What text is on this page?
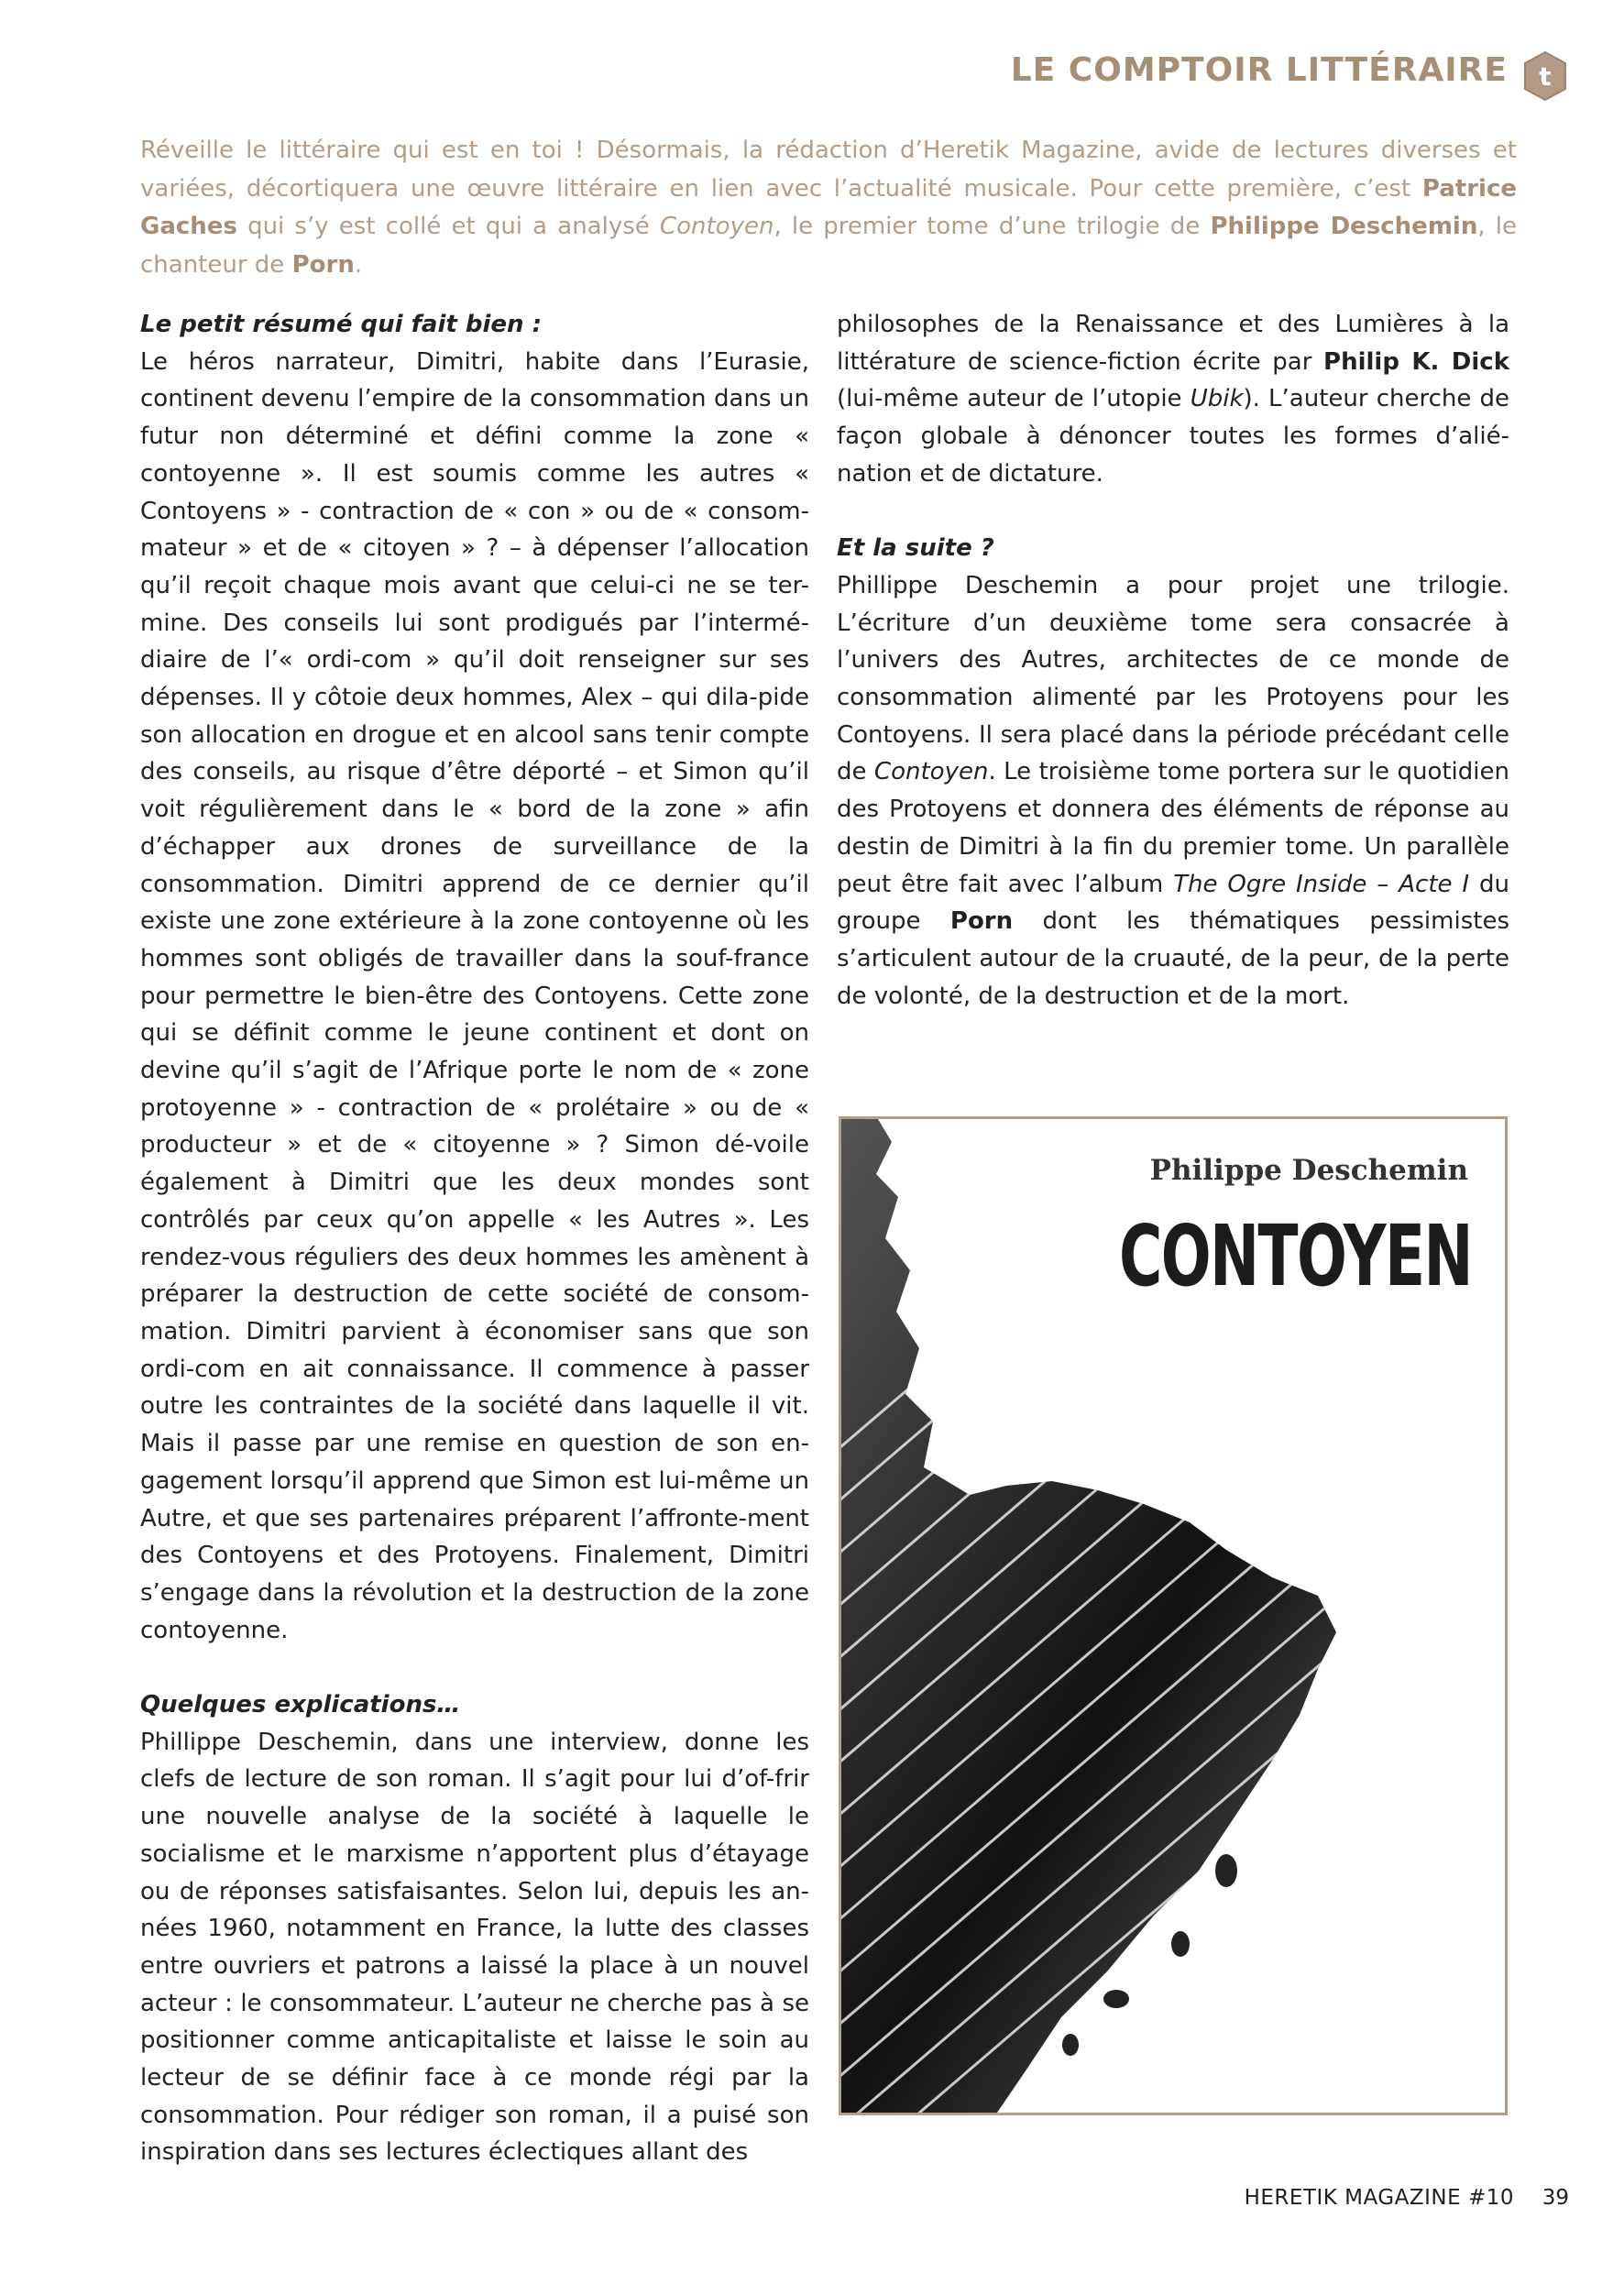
LE COMPTOIR LITTÉRAIRE t
Réveille le littéraire qui est en toi ! Désormais, la rédaction d’Heretik Magazine, avide de lectures diverses et variées, décortiquera une œuvre littéraire en lien avec l’actualité musicale. Pour cette première, c’est Patrice Gaches qui s’y est collé et qui a analysé Contoyen, le premier tome d’une trilogie de Philippe Deschemin, le chanteur de Porn.

Le petit résumé qui fait bien :

Le héros narrateur, Dimitri, habite dans l’Eurasie, continent devenu l’empire de la consommation dans un futur non déterminé et défini comme la zone « contoyenne ». Il est soumis comme les autres « Contoyens » - contraction de « con » ou de « consom-mateur » et de « citoyen » ? – à dépenser l’allocation qu’il reçoit chaque mois avant que celui-ci ne se ter-mine. Des conseils lui sont prodigués par l’intermé-diaire de l’« ordi-com » qu’il doit renseigner sur ses dépenses. Il y côtoie deux hommes, Alex – qui dila-pide son allocation en drogue et en alcool sans tenir compte des conseils, au risque d’être déporté – et Simon qu’il voit régulièrement dans le « bord de la zone » afin d’échapper aux drones de surveillance de la consommation. Dimitri apprend de ce dernier qu’il existe une zone extérieure à la zone contoyenne où les hommes sont obligés de travailler dans la souf-france pour permettre le bien-être des Contoyens. Cette zone qui se définit comme le jeune continent et dont on devine qu’il s’agit de l’Afrique porte le nom de « zone protoyenne » - contraction de « prolétaire » ou de « producteur » et de « citoyenne » ? Simon dé-voile également à Dimitri que les deux mondes sont contrôlés par ceux qu’on appelle « les Autres ». Les rendez-vous réguliers des deux hommes les amènent à préparer la destruction de cette société de consom-mation. Dimitri parvient à économiser sans que son ordi-com en ait connaissance. Il commence à passer outre les contraintes de la société dans laquelle il vit. Mais il passe par une remise en question de son en-gagement lorsqu’il apprend que Simon est lui-même un Autre, et que ses partenaires préparent l’affronte-ment des Contoyens et des Protoyens. Finalement, Dimitri s’engage dans la révolution et la destruction de la zone contoyenne.

Quelques explications…

Phillippe Deschemin, dans une interview, donne les clefs de lecture de son roman. Il s’agit pour lui d’of-frir une nouvelle analyse de la société à laquelle le socialisme et le marxisme n’apportent plus d’étayage ou de réponses satisfaisantes. Selon lui, depuis les an-nées 1960, notamment en France, la lutte des classes entre ouvriers et patrons a laissé la place à un nouvel acteur : le consommateur. L’auteur ne cherche pas à se positionner comme anticapitaliste et laisse le soin au lecteur de se définir face à ce monde régi par la consommation. Pour rédiger son roman, il a puisé son inspiration dans ses lectures éclectiques allant des

philosophes de la Renaissance et des Lumières à la littérature de science-fiction écrite par Philip K. Dick (lui-même auteur de l’utopie Ubik). L’auteur cherche de façon globale à dénoncer toutes les formes d’alié-nation et de dictature.

Et la suite ?

Phillippe Deschemin a pour projet une trilogie. L’écriture d’un deuxième tome sera consacrée à l’univers des Autres, architectes de ce monde de consommation alimenté par les Protoyens pour les Contoyens. Il sera placé dans la période précédant celle de Contoyen. Le troisième tome portera sur le quotidien des Protoyens et donnera des éléments de réponse au destin de Dimitri à la fin du premier tome. Un parallèle peut être fait avec l’album The Ogre Inside – Acte I du groupe Porn dont les thématiques pessimistes s’articulent autour de la cruauté, de la peur, de la perte de volonté, de la destruction et de la mort.

Philippe Deschemin
CONTOYEN
HERETIK MAGAZINE #10 39
